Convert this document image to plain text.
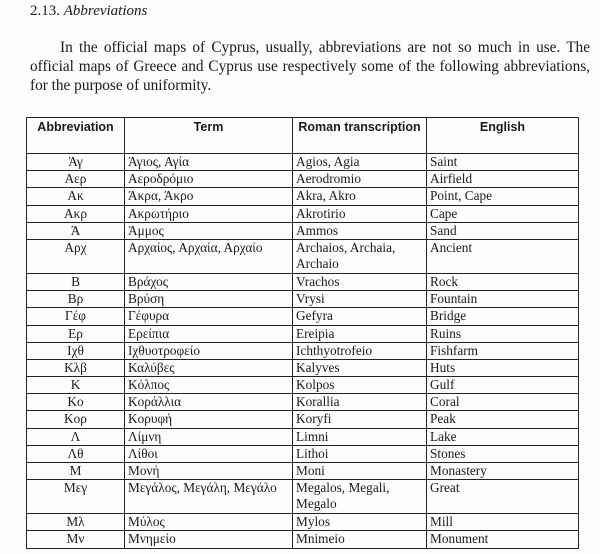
2.13. Abbreviations

In the official maps of Cyprus, usually, abbreviations are not so much in use. The official maps of Greece and Cyprus use respectively some of the following abbreviations, for the purpose of uniformity.

Abbreviation	Term	Roman transcription	English
Άγ	Άγιος, Αγία	Agios, Agia	Saint
Αερ	Αεροδρόμιο	Aerodromio	Airfield
Ακ	Άκρα, Άκρο	Akra, Akro	Point, Cape
Ακρ	Ακρωτήριο	Akrotirio	Cape
Ά	Άμμος	Ammos	Sand
Αρχ	Αρχαίος, Αρχαία, Αρχαίο	Archaios, Archaia, Archaio	Ancient
Β	Βράχος	Vrachos	Rock
Βρ	Βρύση	Vrysi	Fountain
Γέφ	Γέφυρα	Gefyra	Bridge
Ερ	Ερείπια	Ereipia	Ruins
Ιχθ	Ιχθυοτροφείο	Ichthyotrofeio	Fishfarm
Κλβ	Καλύβες	Kalyves	Huts
Κ	Κόλπος	Kolpos	Gulf
Κο	Κοράλλια	Korallia	Coral
Κορ	Κορυφή	Koryfi	Peak
Λ	Λίμνη	Limni	Lake
Λθ	Λίθοι	Lithoi	Stones
Μ	Μονή	Moni	Monastery
Μεγ	Μεγάλος, Μεγάλη, Μεγάλο	Megalos, Megali, Megalo	Great
Μλ	Μύλος	Mylos	Mill
Μν	Μνημείο	Mnimeio	Monument
